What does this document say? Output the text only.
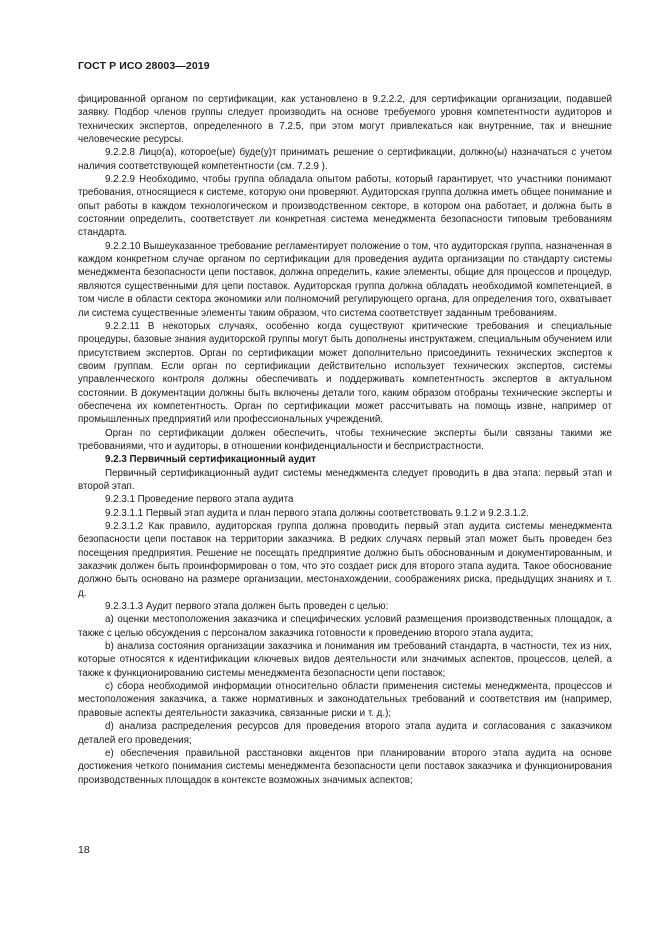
ГОСТ Р ИСО 28003—2019

фицированной органом по сертификации, как установлено в 9.2.2.2, для сертификации организации, подавшей заявку. Подбор членов группы следует производить на основе требуемого уровня компетентности аудиторов и технических экспертов, определенного в 7.2.5, при этом могут привлекаться как внутренние, так и внешние человеческие ресурсы.

9.2.2.8 Лицо(а), которое(ые) буде(у)т принимать решение о сертификации, должно(ы) назначаться с учетом наличия соответствующей компетентности (см. 7.2.9 ).

9.2.2.9 Необходимо, чтобы группа обладала опытом работы, который гарантирует, что участники понимают требования, относящиеся к системе, которую они проверяют. Аудиторская группа должна иметь общее понимание и опыт работы в каждом технологическом и производственном секторе, в котором она работает, и должна быть в состоянии определить, соответствует ли конкретная система менеджмента безопасности типовым требованиям стандарта.

9.2.2.10 Вышеуказанное требование регламентирует положение о том, что аудиторская группа, назначенная в каждом конкретном случае органом по сертификации для проведения аудита организации по стандарту системы менеджмента безопасности цепи поставок, должна определить, какие элементы, общие для процессов и процедур, являются существенными для цепи поставок. Аудиторская группа должна обладать необходимой компетенцией, в том числе в области сектора экономики или полномочий регулирующего органа, для определения того, охватывает ли система существенные элементы таким образом, что система соответствует заданным требованиям.

9.2.2.11 В некоторых случаях, особенно когда существуют критические требования и специальные процедуры, базовые знания аудиторской группы могут быть дополнены инструктажем, специальным обучением или присутствием экспертов. Орган по сертификации может дополнительно присоединить технических экспертов к своим группам. Если орган по сертификации действительно использует технических экспертов, системы управленческого контроля должны обеспечивать и поддерживать компетентность экспертов в актуальном состоянии. В документации должны быть включены детали того, каким образом отобраны технические эксперты и обеспечена их компетентность. Орган по сертификации может рассчитывать на помощь извне, например от промышленных предприятий или профессиональных учреждений.

Орган по сертификации должен обеспечить, чтобы технические эксперты были связаны такими же требованиями, что и аудиторы, в отношении конфиденциальности и беспристрастности.

9.2.3 Первичный сертификационный аудит

Первичный сертификационный аудит системы менеджмента следует проводить в два этапа: первый этап и второй этап.

9.2.3.1 Проведение первого этапа аудита

9.2.3.1.1 Первый этап аудита и план первого этапа должны соответствовать 9.1.2 и 9.2.3.1.2.

9.2.3.1.2 Как правило, аудиторская группа должна проводить первый этап аудита системы менеджмента безопасности цепи поставок на территории заказчика. В редких случаях первый этап может быть проведен без посещения предприятия. Решение не посещать предприятие должно быть обоснованным и документированным, и заказчик должен быть проинформирован о том, что это создает риск для второго этапа аудита. Такое обоснование должно быть основано на размере организации, местонахождении, соображениях риска, предыдущих знаниях и т. д.

9.2.3.1.3 Аудит первого этапа должен быть проведен с целью:

a) оценки местоположения заказчика и специфических условий размещения производственных площадок, а также с целью обсуждения с персоналом заказчика готовности к проведению второго этапа аудита;

b) анализа состояния организации заказчика и понимания им требований стандарта, в частности, тех из них, которые относятся к идентификации ключевых видов деятельности или значимых аспектов, процессов, целей, а также к функционированию системы менеджмента безопасности цепи поставок;

c) сбора необходимой информации относительно области применения системы менеджмента, процессов и местоположения заказчика, а также нормативных и законодательных требований и соответствия им (например, правовые аспекты деятельности заказчика, связанные риски и т. д.);

d) анализа распределения ресурсов для проведения второго этапа аудита и согласования с заказчиком деталей его проведения;

e) обеспечения правильной расстановки акцентов при планировании второго этапа аудита на основе достижения четкого понимания системы менеджмента безопасности цепи поставок заказчика и функционирования производственных площадок в контексте возможных значимых аспектов;

18
